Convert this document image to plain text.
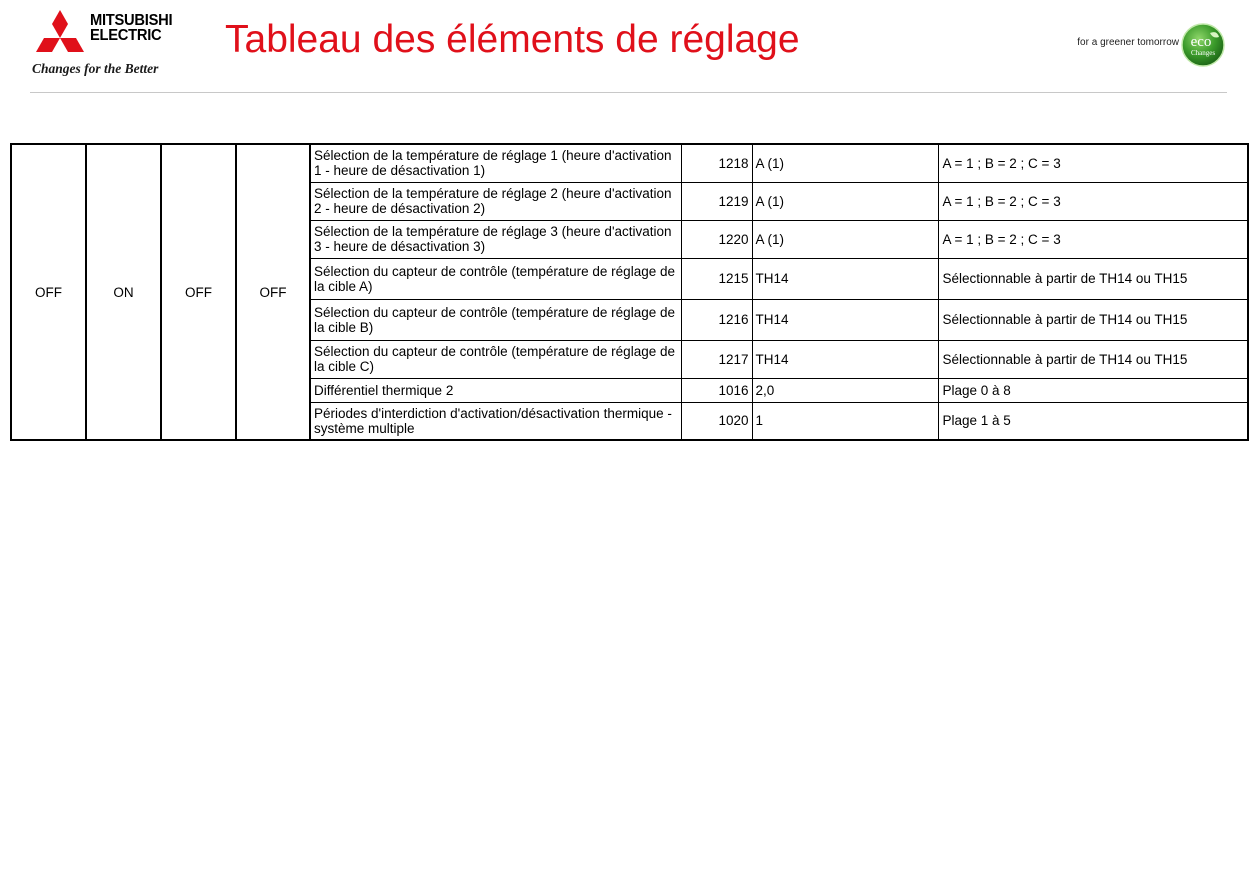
MITSUBISHI
ELECTRIC
Changes for the Better
Tableau des éléments de réglage	for a greener tomorrow eco
Changes
OFF	ON	OFF	OFF	Sélection de la température de réglage 1 (heure d'activation 1 - heure de désactivation 1)	1218	A (1)	A = 1 ; B = 2 ; C = 3
				Sélection de la température de réglage 2 (heure d'activation 2 - heure de désactivation 2)	1219	A (1)	A = 1 ; B = 2 ; C = 3
				Sélection de la température de réglage 3 (heure d'activation 3 - heure de désactivation 3)	1220	A (1)	A = 1 ; B = 2 ; C = 3
				Sélection du capteur de contrôle (température de réglage de la cible A)	1215	TH14	Sélectionnable à partir de TH14 ou TH15
				Sélection du capteur de contrôle (température de réglage de la cible B)	1216	TH14	Sélectionnable à partir de TH14 ou TH15
				Sélection du capteur de contrôle (température de réglage de la cible C)	1217	TH14	Sélectionnable à partir de TH14 ou TH15
				Différentiel thermique 2	1016	2,0	Plage 0 à 8
				Périodes d'interdiction d'activation/désactivation thermique - système multiple	1020	1	Plage 1 à 5
